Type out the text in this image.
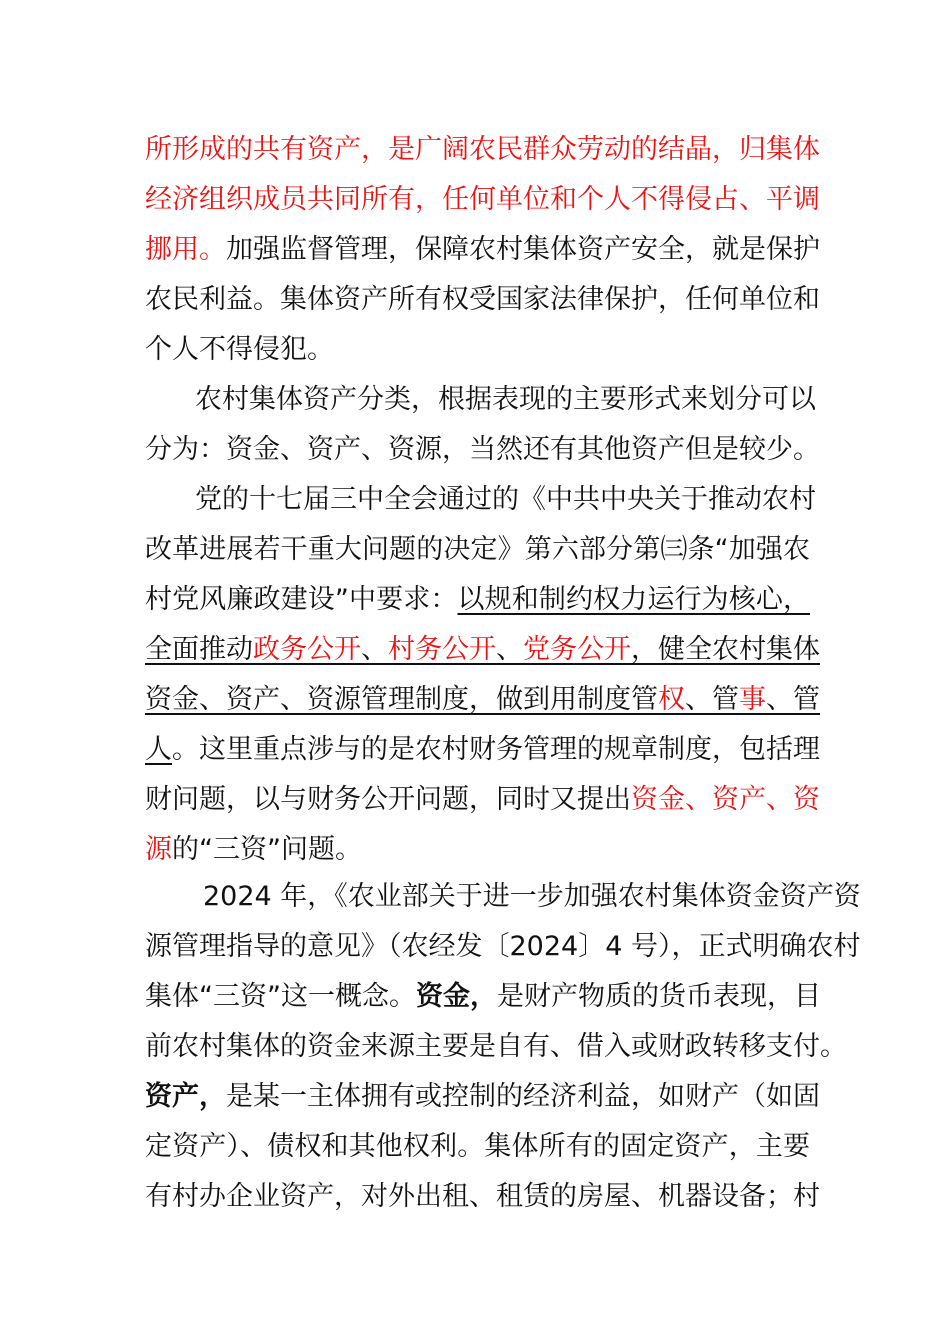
所形成的共有资产，是广阔农民群众劳动的结晶，归集体
经济组织成员共同所有，任何单位和个人不得侵占、平调
挪用。加强监督管理，保障农村集体资产安全，就是保护
农民利益。集体资产所有权受国家法律保护，任何单位和
个人不得侵犯。
农村集体资产分类，根据表现的主要形式来划分可以
分为：资金、资产、资源，当然还有其他资产但是较少。
党的十七届三中全会通过的《中共中央关于推动农村
改革进展若干重大问题的决定》第六部分第㈢条“加强农
村党风廉政建设”中要求：以规和制约权力运行为核心，
全面推动政务公开、村务公开、党务公开，健全农村集体
资金、资产、资源管理制度，做到用制度管权、管事、管
人。这里重点涉与的是农村财务管理的规章制度，包括理
财问题，以与财务公开问题，同时又提出资金、资产、资
源的“三资”问题。
2024 年，《农业部关于进一步加强农村集体资金资产资
源管理指导的意见》（农经发〔2024〕4 号），正式明确农村
集体“三资”这一概念。资金，是财产物质的货币表现，目
前农村集体的资金来源主要是自有、借入或财政转移支付。
资产，是某一主体拥有或控制的经济利益，如财产（如固
定资产）、债权和其他权利。集体所有的固定资产，主要
有村办企业资产，对外出租、租赁的房屋、机器设备；村
